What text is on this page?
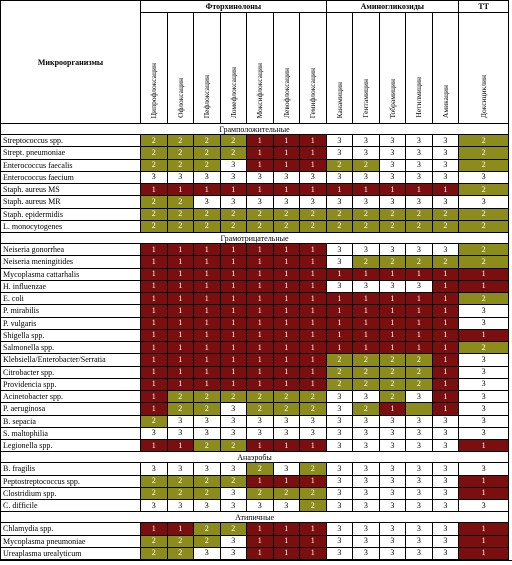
Микроорганизмы	Фторхинолоны							Аминогликозиды					ТТ
	Ципрофлоксацин	Офлоксацин	Пефлоксацин	Ломефлоксацин	Моксифлоксацин	Левофлоксацин	Гемифлоксацин	Канамицин	Гентамицин	Тобрамицин	Нетилмицин	Амикацин	Доксициклин
Грамположительные													
Streptococcus spp.	2	2	2	2	1	1	1	3	3	3	3	3	2
Strept. pneumoniae	2	2	2	2	1	1	1	3	3	3	3	3	2
Enterococcus faecalis	2	2	2	3	1	1	1	2	2	3	3	3	2
Enterococcus faecium	3	3	3	3	3	3	3	3	3	3	3	3	3
Staph. aureus MS	1	1	1	1	1	1	1	1	1	1	1	1	2
Staph. aureus MR	2	2	3	3	3	3	3	3	3	3	3	3	3
Staph. epidermidis	2	2	2	2	2	2	2	2	2	2	2	2	2
L. monocytogenes	2	2	2	2	2	2	2	2	2	2	2	2	2
Грамотрицательные													
Neiseria gonorrhea	1	1	1	1	1	1	1	3	3	3	3	3	2
Neiseria meningitides	1	1	1	1	1	1	1	3	2	2	2	2	2
Mycoplasma cattarhalis	1	1	1	1	1	1	1	1	1	1	1	1	1
H. influenzae	1	1	1	1	1	1	1	3	3	3	3	1	1
E. coli	1	1	1	1	1	1	1	1	1	1	1	1	2
P. mirabilis	1	1	1	1	1	1	1	1	1	1	1	1	3
P. vulgaris	1	1	1	1	1	1	1	1	1	1	1	1	3
Shigella spp.	1	1	1	1	1	1	1	1	1	1	1	1	1
Salmonella spp.	1	1	1	1	1	1	1	1	1	1	1	1	2
Klebsiella/Enterobacter/Serratia	1	1	1	1	1	1	1	2	2	2	2	1	3
Citrobacter spp.	1	1	1	1	1	1	1	2	2	2	2	1	3
Providencia spp.	1	1	1	1	1	1	1	2	2	2	2	1	3
Acinetobacter spp.	1	2	2	2	2	2	2	3	3	2	3	1	3
P. aeruginosa	1	2	2	3	2	2	2	3	2	1		1	3
B. sepacia	2	3	3	3	3	3	3	3	3	3	3	3	3
S. maltophilia	3	3	3	3	3	3	3	3	3	3	3	3	3
Legionella spp.	1	1	2	2	1	1	1	3	3	3	3	3	1
Анаэробы													
B. fragilis	3	3	3	3	2	3	2	3	3	3	3	3	3
Peptostreptococcus spp.	2	2	2	2	1	1	1	3	3	3	3	3	1
Clostridium spp.	2	2	2	3	2	2	2	3	3	3	3	3	1
C. difficile	3	3	3	3	3	3	2	3	3	3	3	3	3
Атипичные													
Chlamydia spp.	1	1	2	2	1	1	1	3	3	3	3	3	1
Mycoplasma pneumoniae	2	2	2	3	1	1	1	3	3	3	3	3	1
Ureaplasma urealyticum	2	2	3	3	1	1	1	3	3	3	3	3	1
